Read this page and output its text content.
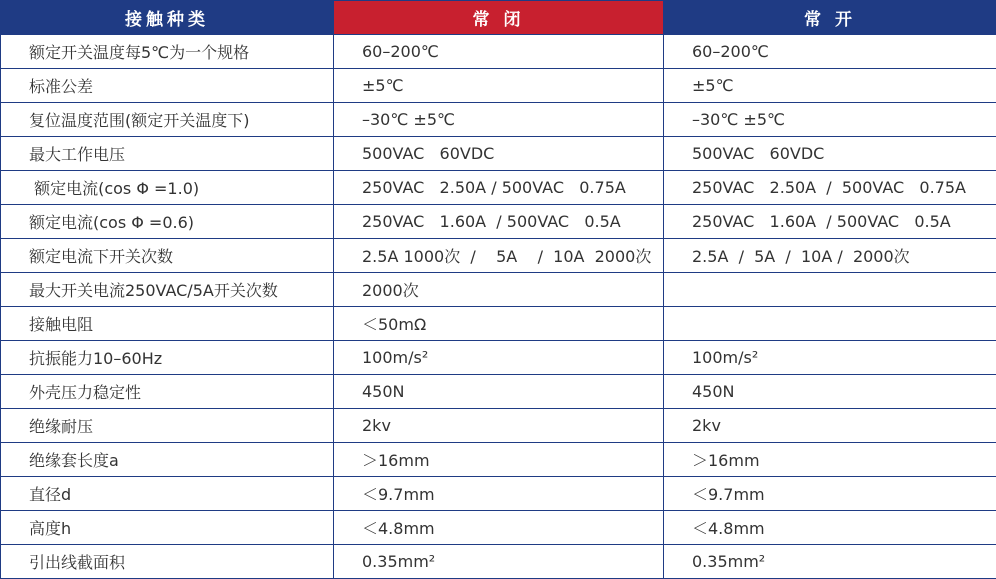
接触种类	常 闭	常 开
额定开关温度每5℃为一个规格	60–200℃	60–200℃
标准公差	±5℃	±5℃
复位温度范围(额定开关温度下)	–30℃ ±5℃	–30℃ ±5℃
最大工作电压	500VAC   60VDC	500VAC   60VDC
额定电流(cos Φ =1.0)	250VAC   2.50A / 500VAC   0.75A	250VAC   2.50A  /  500VAC   0.75A
额定电流(cos Φ =0.6)	250VAC   1.60A  / 500VAC   0.5A	250VAC   1.60A  / 500VAC   0.5A
额定电流下开关次数	2.5A 1000次  /    5A    /  10A  2000次	2.5A  /  5A  /  10A /  2000次
最大开关电流250VAC/5A开关次数	2000次	
接触电阻	＜50mΩ	
抗振能力10–60Hz	100m/s²	100m/s²
外壳压力稳定性	450N	450N
绝缘耐压	2kv	2kv
绝缘套长度a	＞16mm	＞16mm
直径d	＜9.7mm	＜9.7mm
高度h	＜4.8mm	＜4.8mm
引出线截面积	0.35mm²	0.35mm²
